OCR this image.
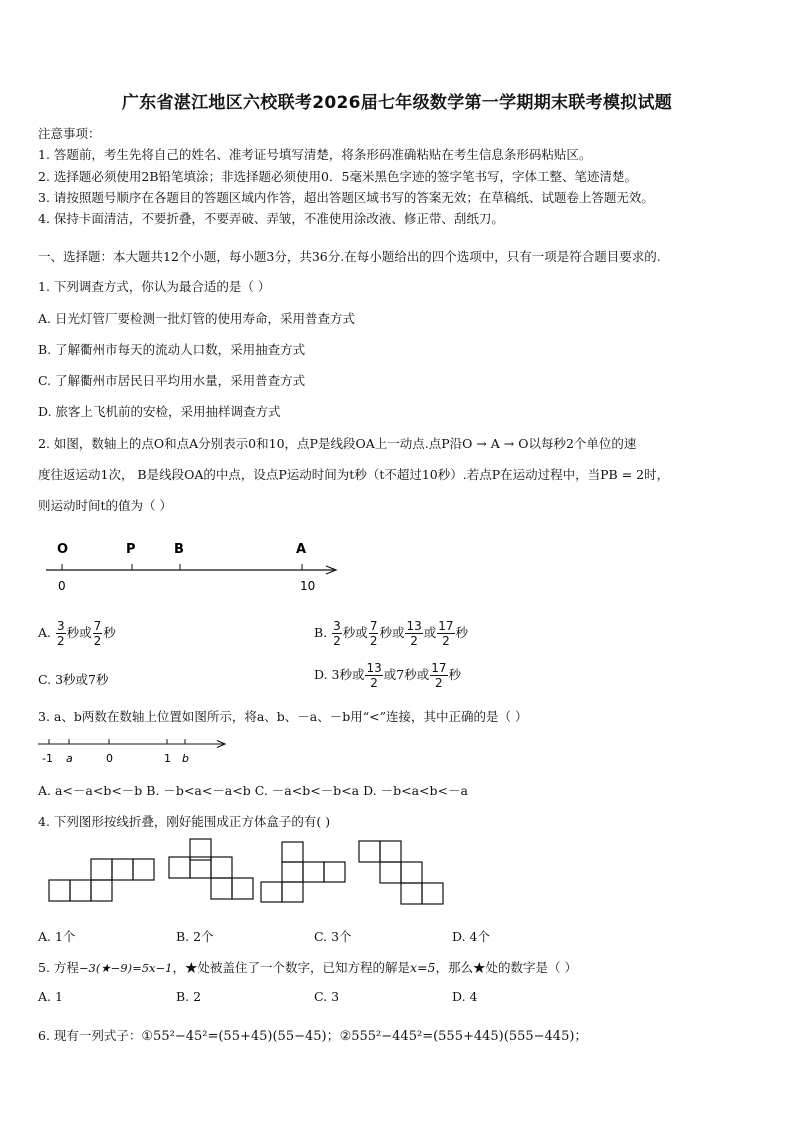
广东省湛江地区六校联考2026届七年级数学第一学期期末联考模拟试题
注意事项：
1. 答题前，考生先将自己的姓名、准考证号填写清楚，将条形码准确粘贴在考生信息条形码粘贴区。
2. 选择题必须使用2B铅笔填涂；非选择题必须使用0．5毫米黑色字迹的签字笔书写，字体工整、笔迹清楚。
3. 请按照题号顺序在各题目的答题区域内作答，超出答题区域书写的答案无效；在草稿纸、试题卷上答题无效。
4. 保持卡面清洁，不要折叠，不要弄破、弄皱，不准使用涂改液、修正带、刮纸刀。
一、选择题：本大题共12个小题，每小题3分，共36分.在每小题给出的四个选项中，只有一项是符合题目要求的.
1. 下列调查方式，你认为最合适的是（ ）
A. 日光灯管厂要检测一批灯管的使用寿命，采用普查方式
B. 了解衢州市每天的流动人口数，采用抽查方式
C. 了解衢州市居民日平均用水量，采用普查方式
D. 旅客上飞机前的安检，采用抽样调查方式
2. 如图，数轴上的点O和点A分别表示0和10，点P是线段OA上一动点.点P沿O → A → O以每秒2个单位的速
度往返运动1次， B是线段OA的中点，设点P运动时间为t秒（t不超过10秒）.若点P在运动过程中，当PB = 2时，
则运动时间t的值为（ ）
O	P	B	A
0	10
A. $\frac{3}{2}$ 秒或 $\frac{7}{2}$ 秒	B. $\frac{3}{2}$ 秒或 $\frac{7}{2}$ 秒或 $\frac{13}{2}$ 或 $\frac{17}{2}$ 秒
C. 3秒或7秒	D. 3秒或 $\frac{13}{2}$ 或7秒或 $\frac{17}{2}$ 秒
3. a、b两数在数轴上位置如图所示，将a、b、－a、－b用“<”连接，其中正确的是（ ）
-1 a	0	1 b
A. a<－a<b<－b B. －b<a<－a<b C. －a<b<－b<a D. －b<a<b<－a
4. 下列图形按线折叠，刚好能围成正方体盒子的有( )
A. 1个	B. 2个	C. 3个	D. 4个
5. 方程−3(★−9)=5x−1，★处被盖住了一个数字，已知方程的解是x=5，那么★处的数字是（ ）
A. 1	B. 2	C. 3	D. 4
6. 现有一列式子：①55²−45²=(55+45)(55−45)；②555²−445²=(555+445)(555−445)；
